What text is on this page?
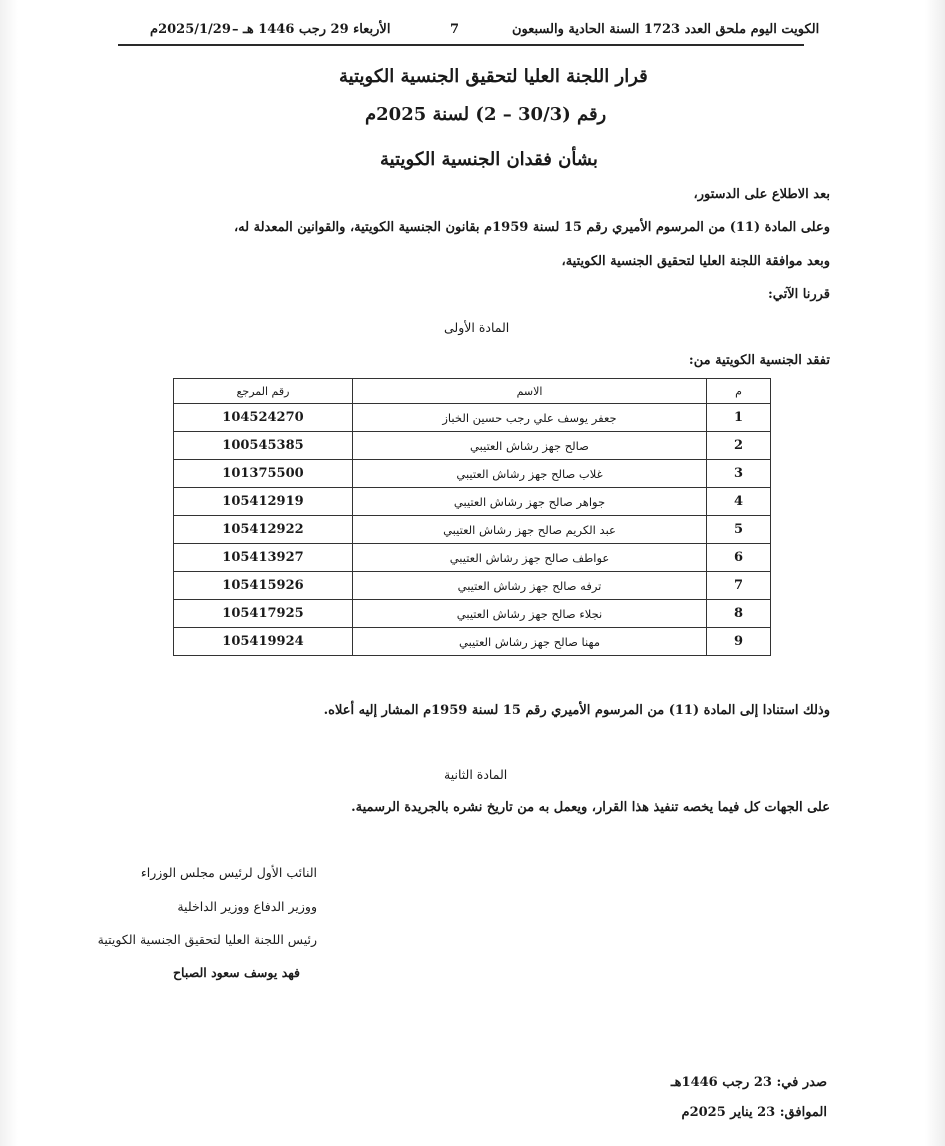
2025/1/29م الأربعاء 29 رجب 1446 هـ –	7	الكويت اليوم ملحق العدد 1723 السنة الحادية والسبعون
قرار اللجنة العليا لتحقيق الجنسية الكويتية
رقم (30/3 – 2) لسنة 2025م
بشأن فقدان الجنسية الكويتية
بعد الاطلاع على الدستور،
وعلى المادة (11) من المرسوم الأميري رقم 15 لسنة 1959م بقانون الجنسية الكويتية، والقوانين المعدلة له،
وبعد موافقة اللجنة العليا لتحقيق الجنسية الكويتية،
قررنا الآتي:
المادة الأولى
تفقد الجنسية الكويتية من:
م	الاسم	رقم المرجع
1	جعفر يوسف علي رجب حسين الخباز	104524270
2	صالح جهز رشاش العتيبي	100545385
3	غلاب صالح جهز رشاش العتيبي	101375500
4	جواهر صالح جهز رشاش العتيبي	105412919
5	عبد الكريم صالح جهز رشاش العتيبي	105412922
6	عواطف صالح جهز رشاش العتيبي	105413927
7	ترفه صالح جهز رشاش العتيبي	105415926
8	نجلاء صالح جهز رشاش العتيبي	105417925
9	مهنا صالح جهز رشاش العتيبي	105419924
وذلك استنادا إلى المادة (11) من المرسوم الأميري رقم 15 لسنة 1959م المشار إليه أعلاه.
المادة الثانية
على الجهات كل فيما يخصه تنفيذ هذا القرار، ويعمل به من تاريخ نشره بالجريدة الرسمية.
النائب الأول لرئيس مجلس الوزراء
ووزير الدفاع ووزير الداخلية
رئيس اللجنة العليا لتحقيق الجنسية الكويتية
فهد يوسف سعود الصباح
صدر في: 23 رجب 1446هـ
الموافق: 23 يناير 2025م
